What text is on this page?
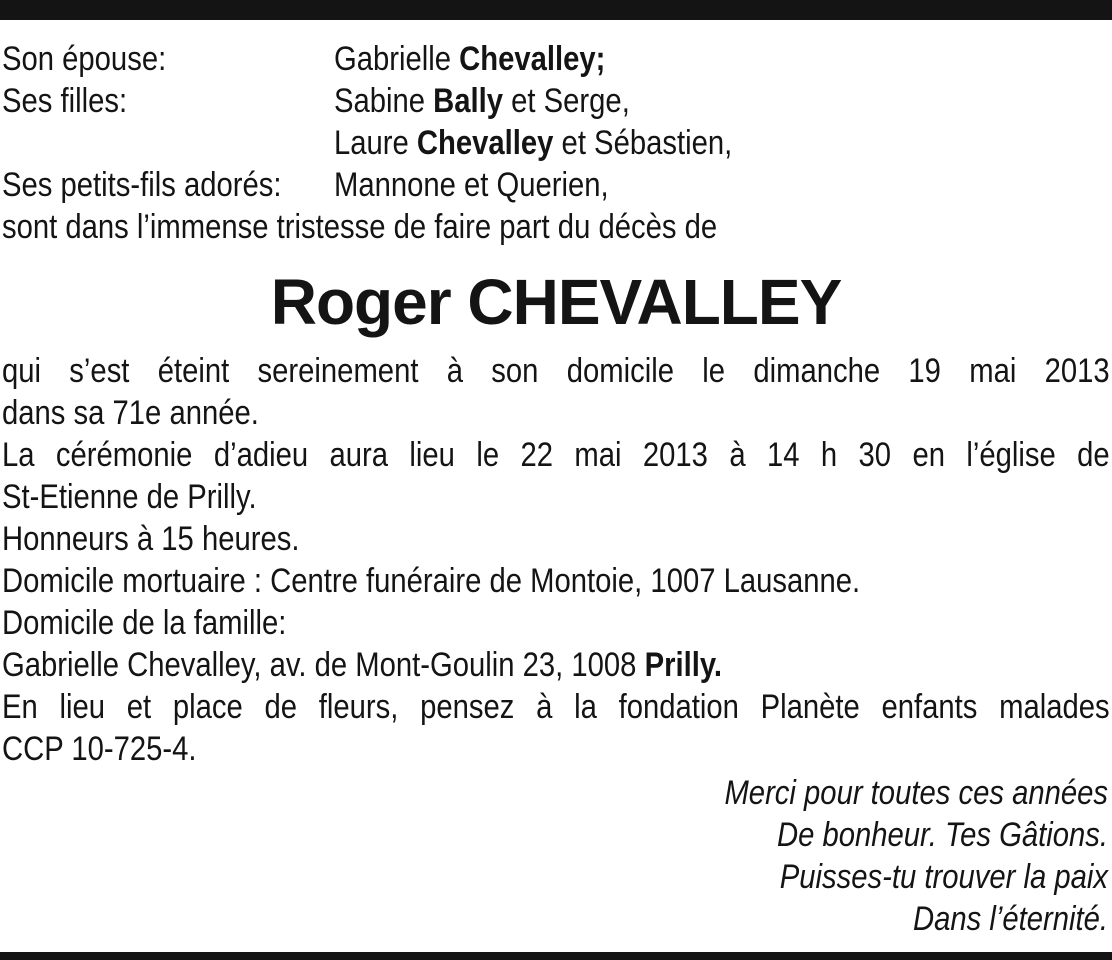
Son épouse:	Gabrielle Chevalley;
Ses filles:	Sabine Bally et Serge,
Laure Chevalley et Sébastien,
Ses petits-fils adorés:	Mannone et Querien,
sont dans l’immense tristesse de faire part du décès de
Roger CHEVALLEY
qui s’est éteint sereinement à son domicile le dimanche 19 mai 2013
dans sa 71e année.
La cérémonie d’adieu aura lieu le 22 mai 2013 à 14 h 30 en l’église de
St-Etienne de Prilly.
Honneurs à 15 heures.
Domicile mortuaire : Centre funéraire de Montoie, 1007 Lausanne.
Domicile de la famille:
Gabrielle Chevalley, av. de Mont-Goulin 23, 1008 Prilly.
En lieu et place de fleurs, pensez à la fondation Planète enfants malades
CCP 10-725-4.
Merci pour toutes ces années
De bonheur. Tes Gâtions.
Puisses-tu trouver la paix
Dans l’éternité.
